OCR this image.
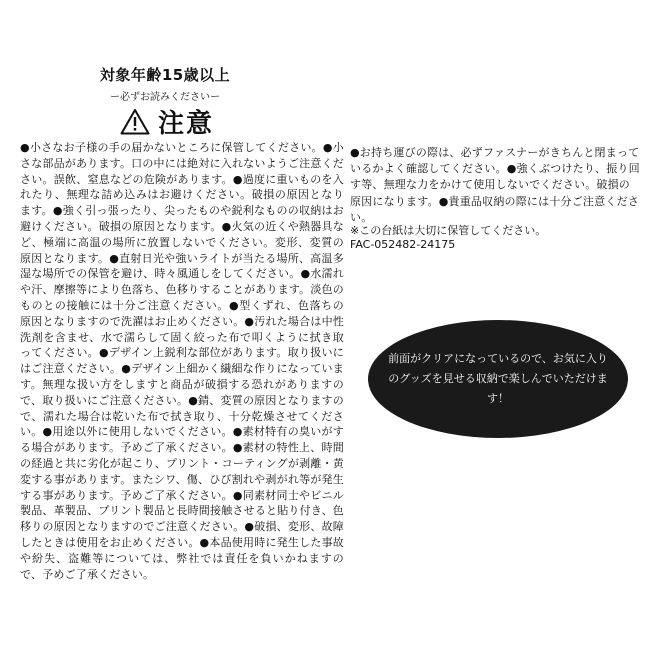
対象年齢15歳以上
ー必ずお読みくださいー
注意
●小さなお子様の手の届かないところに保管してください。●小さな部品があります。口の中には絶対に入れないようご注意ください。誤飲、窒息などの危険があります。●過度に重いものを入れたり、無理な詰め込みはお避けください。破損の原因となります。●強く引っ張ったり、尖ったものや鋭利なものの収納はお避けください。破損の原因となります。●火気の近くや熱器具など、極端に高温の場所に放置しないでください。変形、変質の原因となります。●直射日光や強いライトが当たる場所、高温多湿な場所での保管を避け、時々風通しをしてください。●水濡れや汗、摩擦等により色落ち、色移りすることがあります。淡色のものとの接触には十分ご注意ください。●型くずれ、色落ちの原因となりますので洗濯はお止めください。●汚れた場合は中性洗剤を含ませ、水で濡らして固く絞った布で叩くように拭き取ってください。●デザイン上鋭利な部位があります。取り扱いにはご注意ください。●デザイン上細かく繊細な作りになっています。無理な扱い方をしますと商品が破損する恐れがありますので、取り扱いにご注意ください。●錆、変質の原因となりますので、濡れた場合は乾いた布で拭き取り、十分乾燥させてください。●用途以外に使用しないでください。●素材特有の臭いがする場合があります。予めご了承ください。●素材の特性上、時間の経過と共に劣化が起こり、プリント・コーティングが剥離・黄変する事があります。またシワ、傷、ひび割れや剥がれ等が発生する事があります。予めご了承ください。●同素材同士やビニル製品、革製品、プリント製品と長時間接触させると貼り付き、色移りの原因となりますのでご注意ください。●破損、変形、故障したときは使用をお止めください。●本品使用時に発生した事故や紛失、盗難等については、弊社では責任を負いかねますので、予めご了承ください。
●お持ち運びの際は、必ずファスナーがきちんと閉まっているかよく確認してください。●強くぶつけたり、振り回す等、無理な力をかけて使用しないでください。破損の原因になります。●貴重品収納の際には十分ご注意ください。
※この台紙は大切に保管してください。
FAC-052482-24175
前面がクリアになっているので、お気に入りのグッズを見せる収納で楽しんでいただけます！
